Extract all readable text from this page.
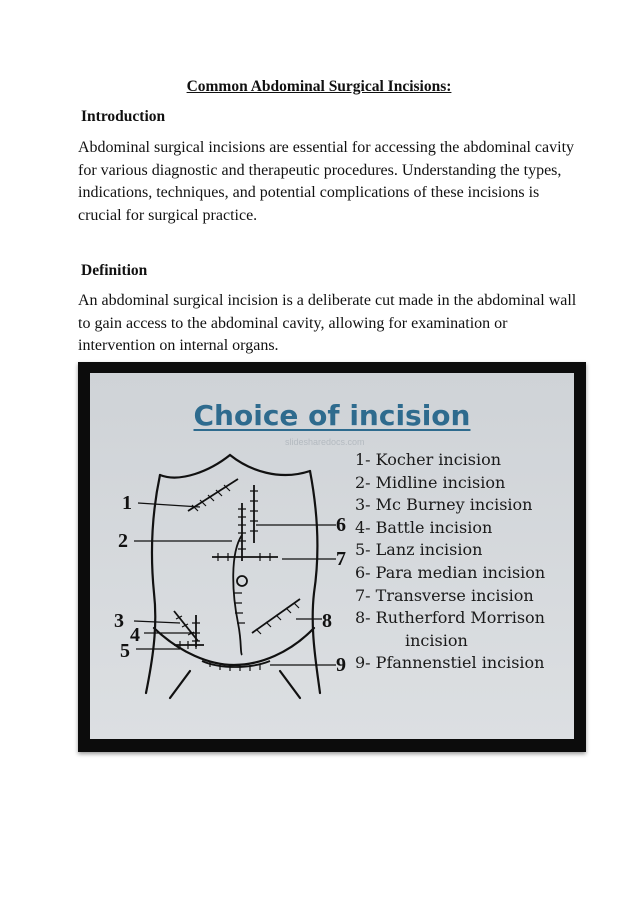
Common Abdominal Surgical Incisions:
Introduction
Abdominal surgical incisions are essential for accessing the abdominal cavity for various diagnostic and therapeutic procedures. Understanding the types, indications, techniques, and potential complications of these incisions is crucial for surgical practice.
Definition
An abdominal surgical incision is a deliberate cut made in the abdominal wall to gain access to the abdominal cavity, allowing for examination or intervention on internal organs.
Choice of incision
slidesharedocs.com
1
2
3
4
5
6
7
8
9
1- Kocher incision
2- Midline incision
3- Mc Burney incision
4- Battle incision
5- Lanz incision
6- Para median incision
7- Transverse incision
8- Rutherford Morrison
incision
9- Pfannenstiel incision
